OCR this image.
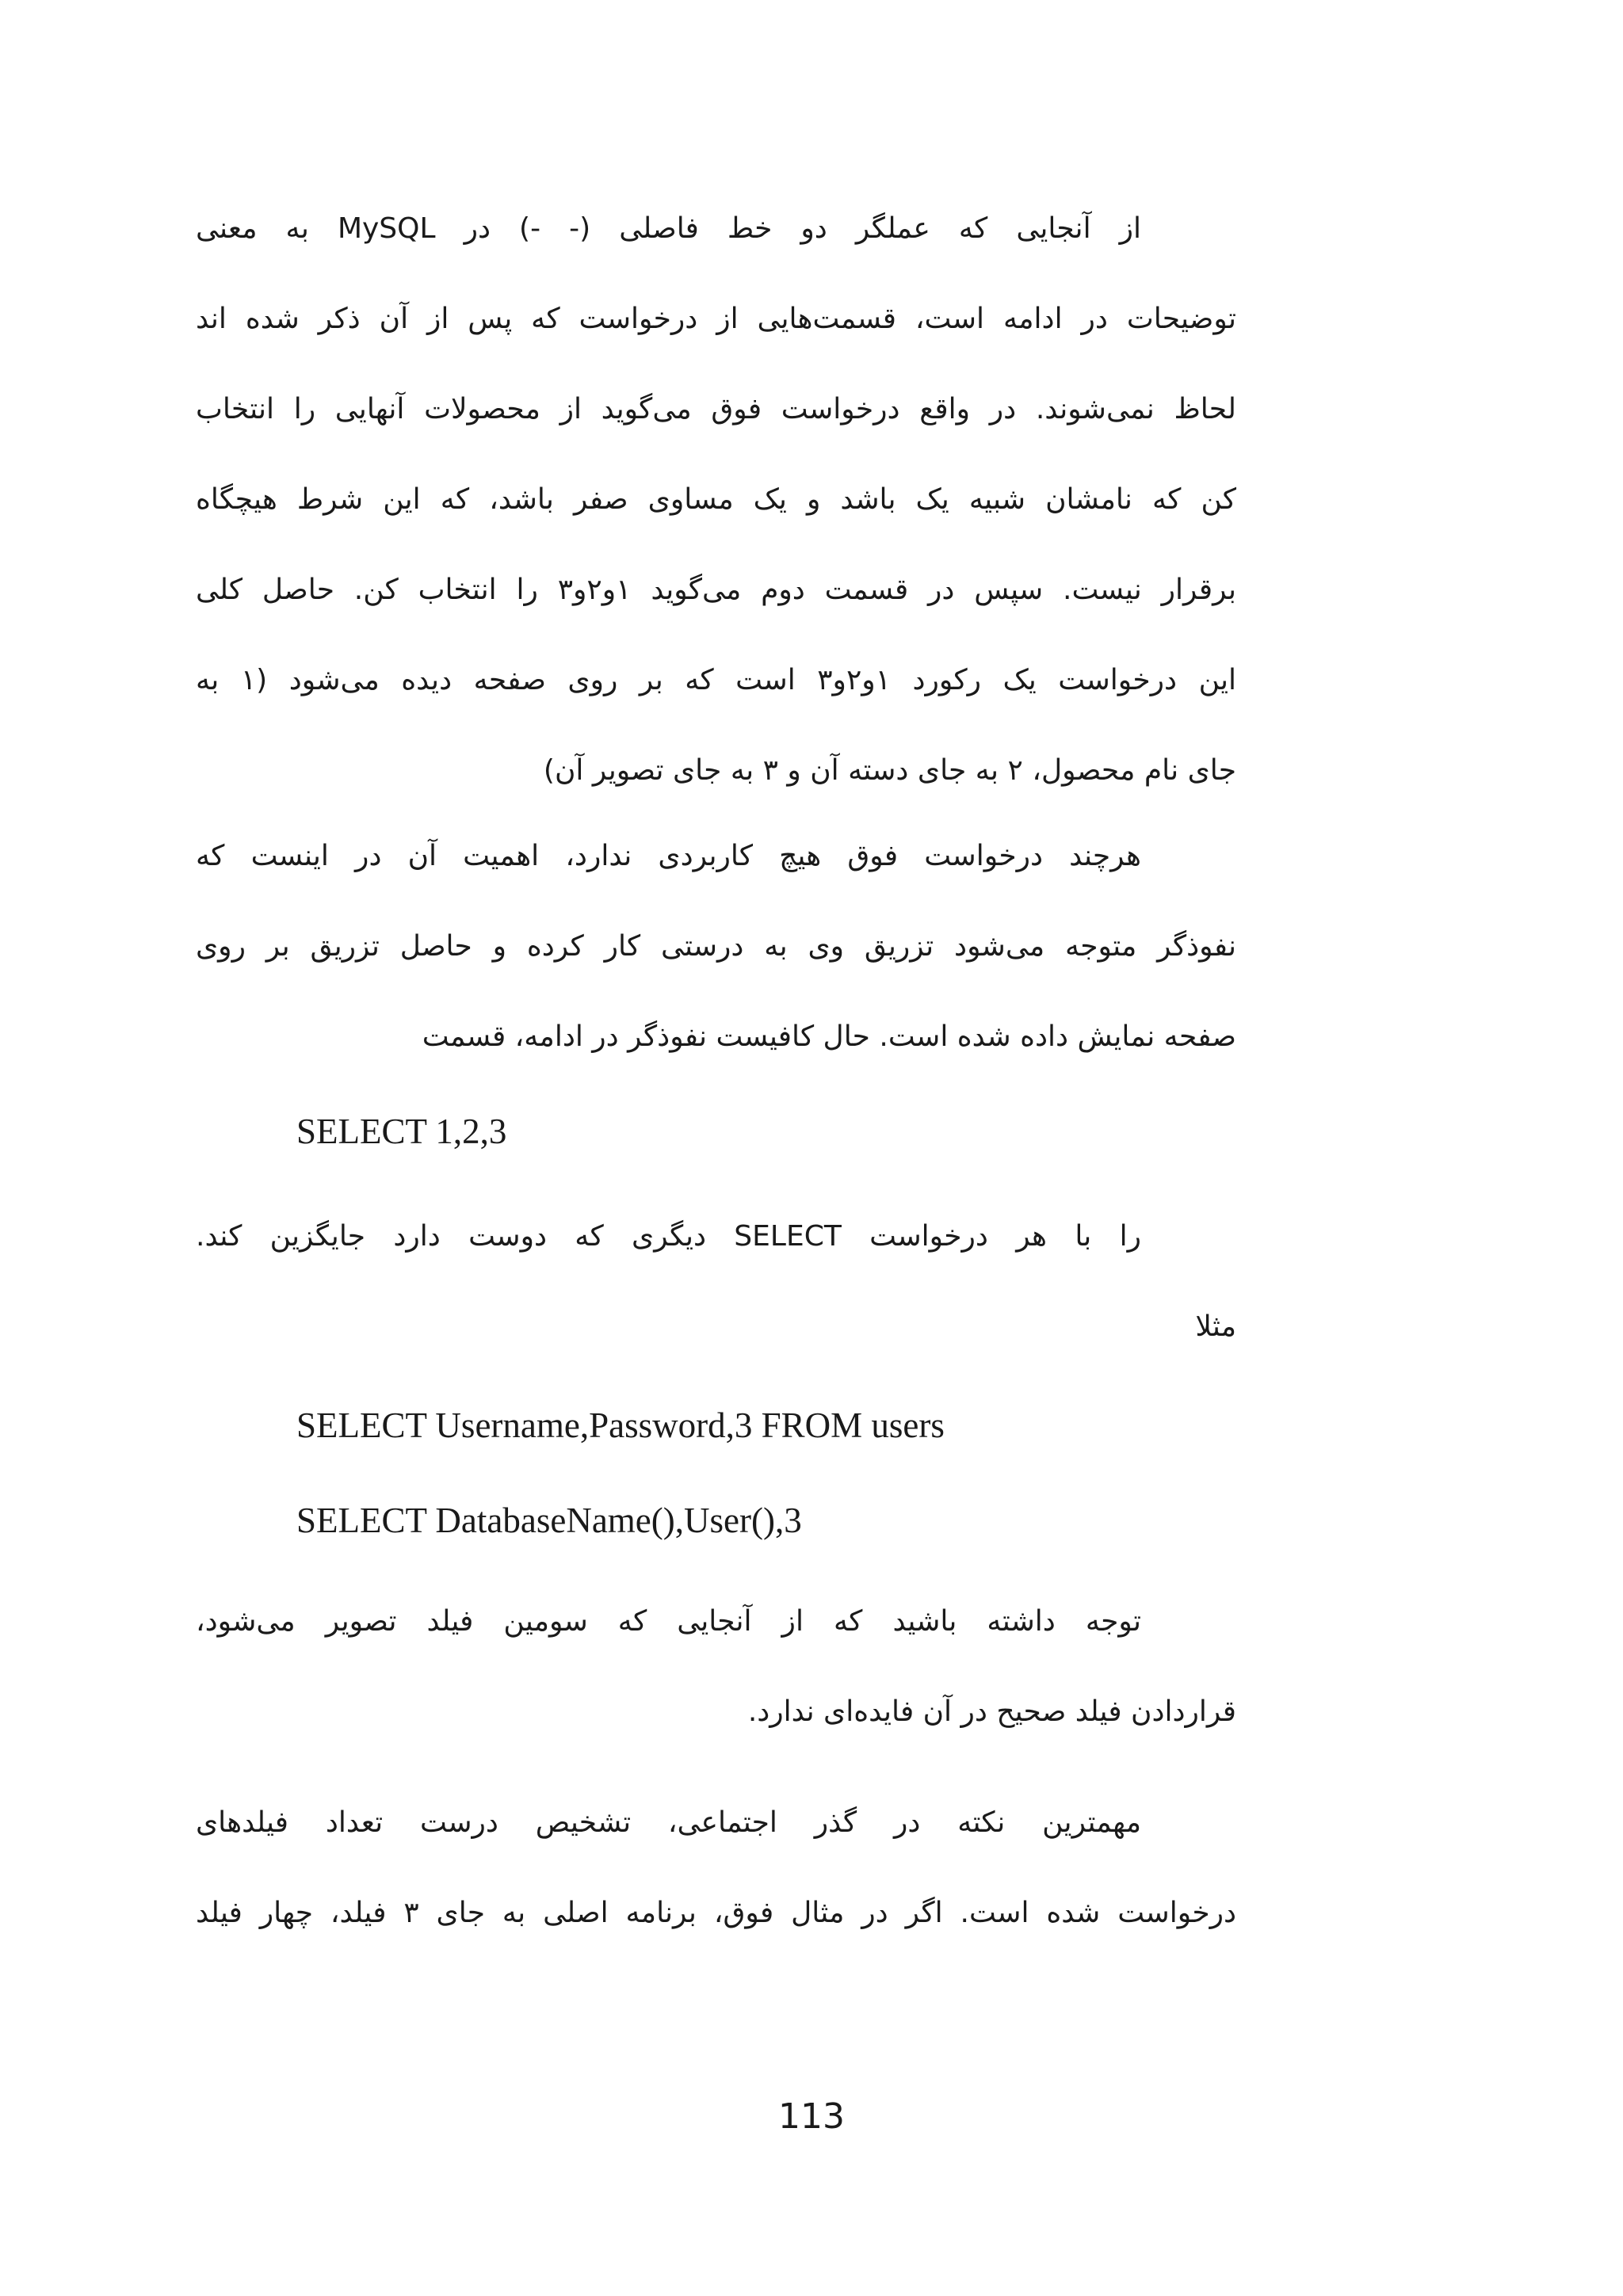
از آنجایی که عملگر دو خط فاصلی (- -) در MySQL به معنی
توضیحات در ادامه است، قسمت‌هایی از درخواست که پس از آن ذکر شده اند
لحاظ نمی‌شوند. در واقع درخواست فوق می‌گوید از محصولات آنهایی را انتخاب
کن که نامشان شبیه یک باشد و یک مساوی صفر باشد، که این شرط هیچگاه
برقرار نیست. سپس در قسمت دوم می‌گوید ۱و۲و۳ را انتخاب کن. حاصل کلی
این درخواست یک رکورد ۱و۲و۳ است که بر روی صفحه دیده می‌شود (۱ به
جای نام محصول، ۲ به جای دسته آن و ۳ به جای تصویر آن)
هرچند درخواست فوق هیچ کاربردی ندارد، اهمیت آن در اینست که
نفوذگر متوجه می‌شود تزریق وی به درستی کار کرده و حاصل تزریق بر روی
صفحه نمایش داده شده است. حال کافیست نفوذگر در ادامه، قسمت
SELECT 1,2,3
را با هر درخواست SELECT دیگری که دوست دارد جایگزین کند.
مثلا
SELECT Username,Password,3 FROM users
SELECT DatabaseName(),User(),3
توجه داشته باشید که از آنجایی که سومین فیلد تصویر می‌شود،
قراردادن فیلد صحیح در آن فایده‌ای ندارد.
مهمترین نکته در گذر اجتماعی، تشخیص درست تعداد فیلدهای
درخواست شده است. اگر در مثال فوق، برنامه اصلی به جای ۳ فیلد، چهار فیلد
113
